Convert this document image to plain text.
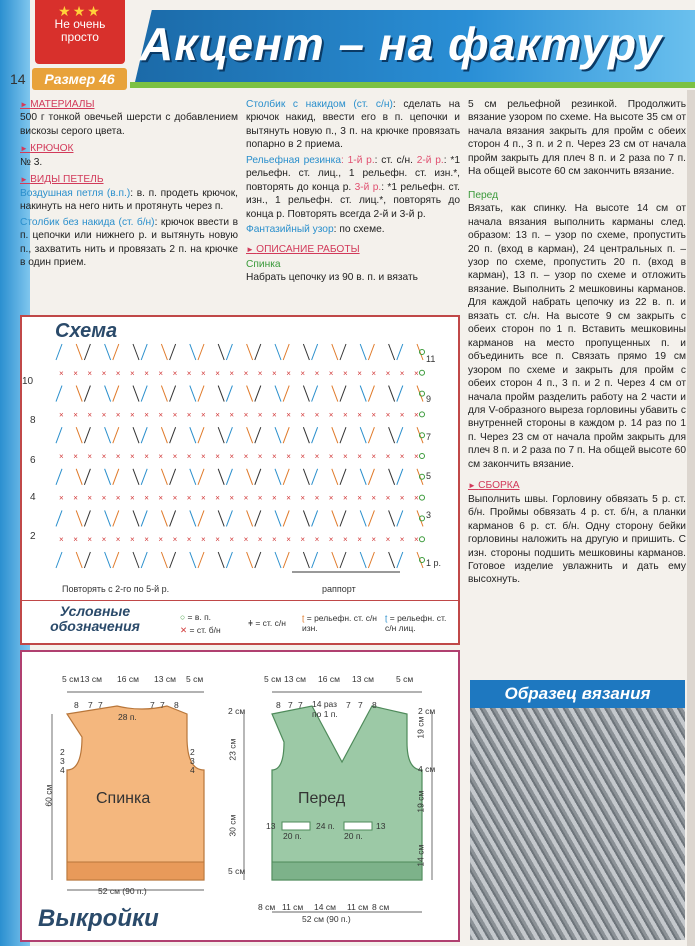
Акцент – на фактуру
★★★
Не очень
просто
14	Размер 46
► МАТЕРИАЛЫ

500 г тонкой овечьей шерсти с добавлением вискозы серого цвета.

► КРЮЧОК

№ 3.

► ВИДЫ ПЕТЕЛЬ

Воздушная петля (в.п.): в. п. продеть крючок, накинуть на него нить и протянуть через п.

Столбик без накида (ст. б/н): крючок ввести в п. цепочки или нижнего р. и вытянуть новую п., захватить нить и провязать 2 п. на крючке в один прием.

Столбик с накидом (ст. с/н): сделать на крючок накид, ввести его в п. цепочки и вытянуть новую п., 3 п. на крючке провязать попарно в 2 приема.

Рельефная резинка: 1-й р.: ст. с/н. 2-й р.: *1 рельефн. ст. лиц., 1 рельефн. ст. изн.*, повторять до конца р. 3-й р.: *1 рельефн. ст. изн., 1 рельефн. ст. лиц.*, повторять до конца р. Повторять всегда 2-й и 3-й р.

Фантазийный узор: по схеме.

► ОПИСАНИЕ РАБОТЫ
Спинка

Набрать цепочку из 90 в. п. и вязать

5 см рельефной резинкой. Продолжить вязание узором по схеме. На высоте 35 см от начала вязания закрыть для пройм с обеих сторон 4 п., 3 п. и 2 п. Через 23 см от начала пройм закрыть для плеч 8 п. и 2 раза по 7 п. На общей высоте 60 см закончить вязание.

Перед

Вязать, как спинку. На высоте 14 см от начала вязания выполнить карманы след. образом: 13 п. – узор по схеме, пропустить 20 п. (вход в карман), 24 центральных п. – узор по схеме, пропустить 20 п. (вход в карман), 13 п. – узор по схеме и отложить вязание. Выполнить 2 мешковины карманов. Для каждой набрать цепочку из 22 в. п. и вязать ст. с/н. На высоте 9 см закрыть с обеих сторон по 1 п. Вставить мешковины карманов на место пропущенных п. и объединить все п. Связать прямо 19 см узором по схеме и закрыть для пройм с обеих сторон 4 п., 3 п. и 2 п. Через 4 см от начала пройм разделить работу на 2 части и для V-образного выреза горловины убавить с внутренней стороны в каждом р. 14 раз по 1 п. Через 23 см от начала пройм закрыть для плеч 8 п. и 2 раза по 7 п. На общей высоте 60 см закончить вязание.

► СБОРКА

Выполнить швы. Горловину обвязать 5 р. ст. б/н. Проймы обвязать 4 р. ст. б/н, а планки карманов 6 р. ст. б/н. Одну сторону бейки горловины наложить на другую и пришить. С изн. стороны подшить мешковины карманов. Готовое изделие увлажнить и дать ему высохнуть.

Схема
× × × × × × × × × × × × × × × × × × × × × × × × × ×
× × × × × × × × × × × × × × × × × × × × × × × × × ×
× × × × × × × × × × × × × × × × × × × × × × × × × ×
× × × × × × × × × × × × × × × × × × × × × × × × × ×
× × × × × × × × × × × × × × × × × × × × × × × × × ×
10
8
6
4
2
11
9
7
5
3
1 р.
Повторять с 2-го по 5-й р.	раппорт
Условные
обозначения
○ = в. п.
✕ = ст. б/н
ǂ = ст. с/н ʈ = рельефн. ст. с/н изн.
ʈ = рельефн. ст. с/н лиц.
5 см 13 см 16 см 13 см 5 см
8 7 7	7 7 8
28 п.
2
3
4
2
3
4
60 см	Спинка
52 см (90 п.)
5 см 13 см 16 см 13 см	5 см
8 7 7	7 7 8
14 раз
по 1 п.
2 см
23 см
30 см
5 см
2 см
19 см
4 см
19 см
14 см
Перед
13	24 п.	13
20 п.	20 п.
8 см 11 см 14 см 11 см 8 см
52 см (90 п.)
Выкройки
Образец вязания
